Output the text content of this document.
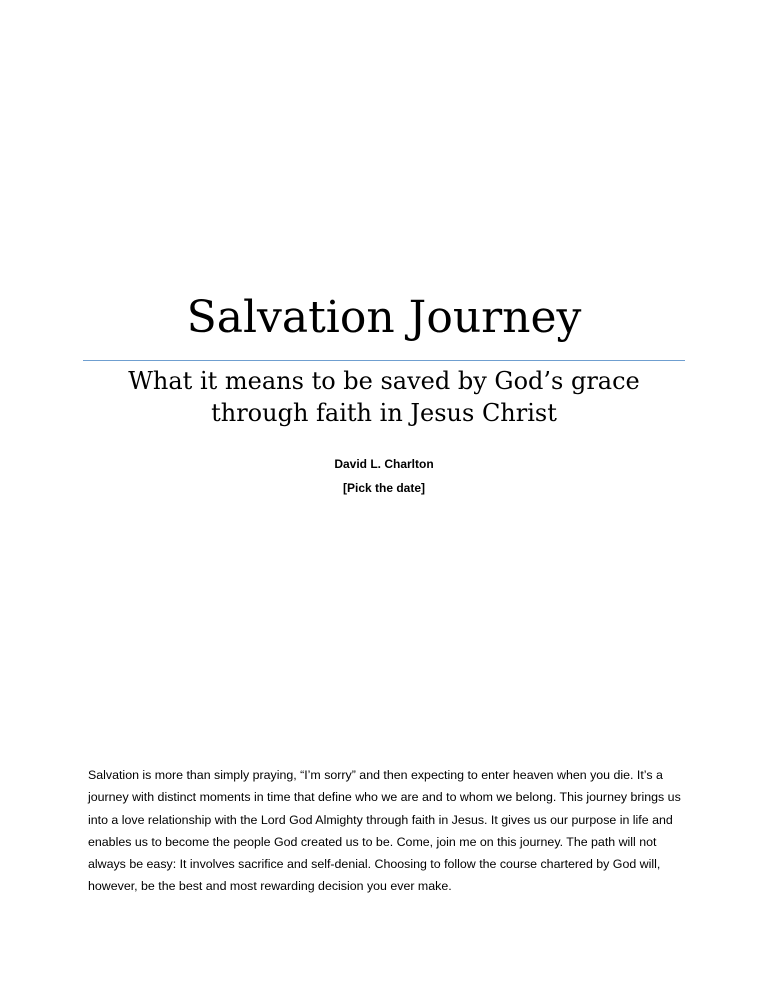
Salvation Journey
What it means to be saved by God’s grace through faith in Jesus Christ
David L. Charlton
[Pick the date]

Salvation is more than simply praying, “I’m sorry” and then expecting to enter heaven when you die. It’s a journey with distinct moments in time that define who we are and to whom we belong. This journey brings us into a love relationship with the Lord God Almighty through faith in Jesus. It gives us our purpose in life and enables us to become the people God created us to be. Come, join me on this journey. The path will not always be easy: It involves sacrifice and self-denial. Choosing to follow the course chartered by God will, however, be the best and most rewarding decision you ever make.
